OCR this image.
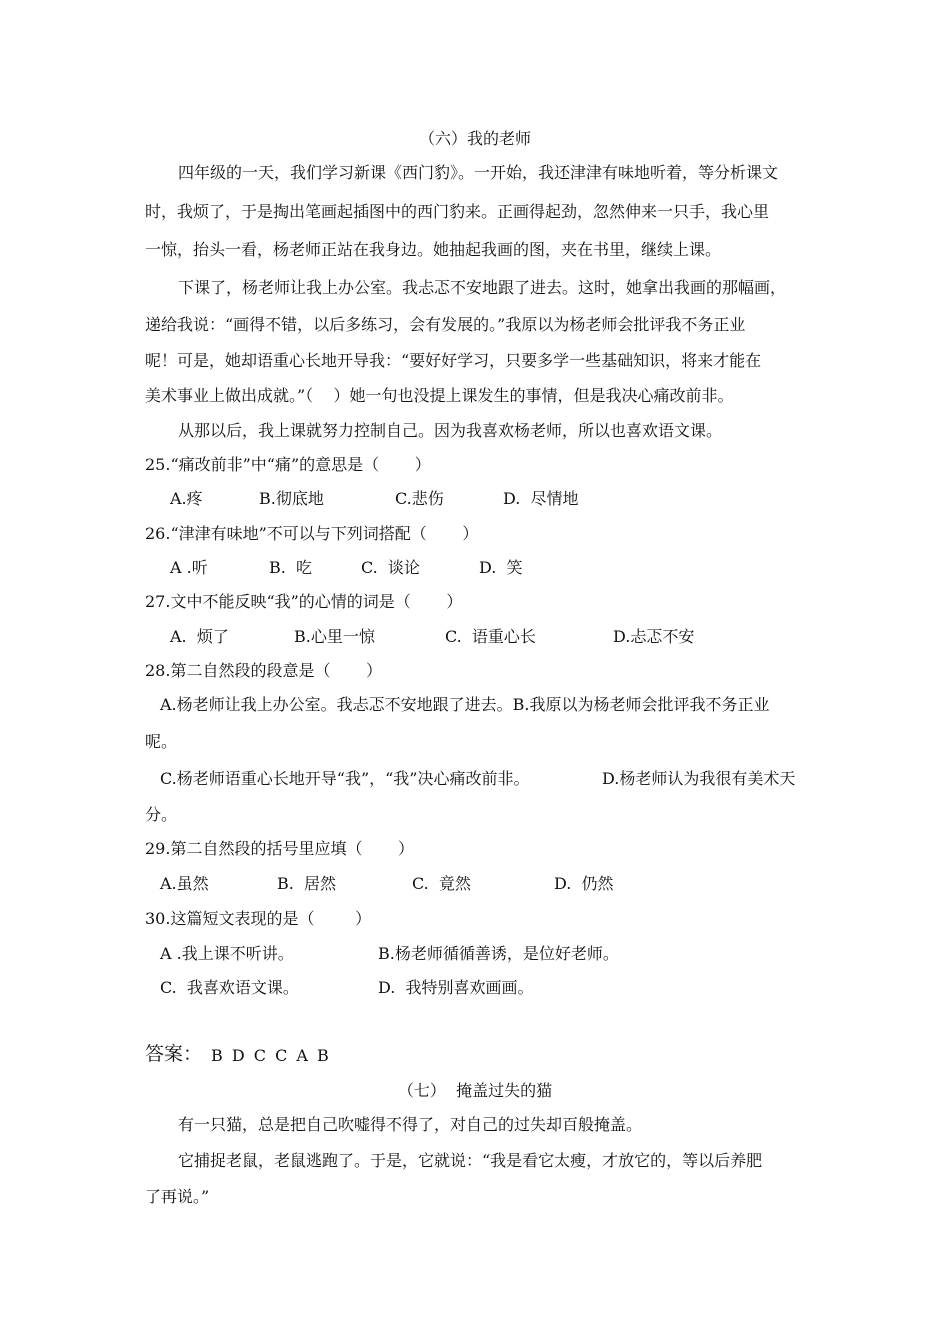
（六）我的老师
四年级的一天，我们学习新课《西门豹》。一开始，我还津津有味地听着，等分析课文
时，我烦了，于是掏出笔画起插图中的西门豹来。正画得起劲，忽然伸来一只手，我心里
一惊，抬头一看，杨老师正站在我身边。她抽起我画的图，夹在书里，继续上课。
下课了，杨老师让我上办公室。我忐忑不安地跟了进去。这时，她拿出我画的那幅画，
递给我说：“画得不错，以后多练习，会有发展的。”我原以为杨老师会批评我不务正业
呢！可是，她却语重心长地开导我：“要好好学习，只要多学一些基础知识，将来才能在
美术事业上做出成就。”（    ）她一句也没提上课发生的事情，但是我决心痛改前非。
从那以后，我上课就努力控制自己。因为我喜欢杨老师，所以也喜欢语文课。
25.“痛改前非”中“痛”的意思是（       ）
A.疼	B.彻底地	C.悲伤	D.  尽情地
26.“津津有味地”不可以与下列词搭配（       ）
A .听	B.  吃	C.  谈论	D.  笑
27.文中不能反映“我”的心情的词是（       ）
A.  烦了	B.心里一惊	C.  语重心长	D.忐忑不安
28.第二自然段的段意是（       ）
A.杨老师让我上办公室。我忐忑不安地跟了进去。B.我原以为杨老师会批评我不务正业
呢。
C.杨老师语重心长地开导“我”，“我”决心痛改前非。	D.杨老师认为我很有美术天
分。
29.第二自然段的括号里应填（       ）
A.虽然	B.  居然	C.  竟然	D.  仍然
30.这篇短文表现的是（        ）
A .我上课不听讲。	B.杨老师循循善诱，是位好老师。
C.  我喜欢语文课。	D.  我特别喜欢画画。
答案： B D C C A B
（七）  掩盖过失的猫
有一只猫，总是把自己吹嘘得不得了，对自己的过失却百般掩盖。
它捕捉老鼠，老鼠逃跑了。于是，它就说：“我是看它太瘦，才放它的，等以后养肥
了再说。”
